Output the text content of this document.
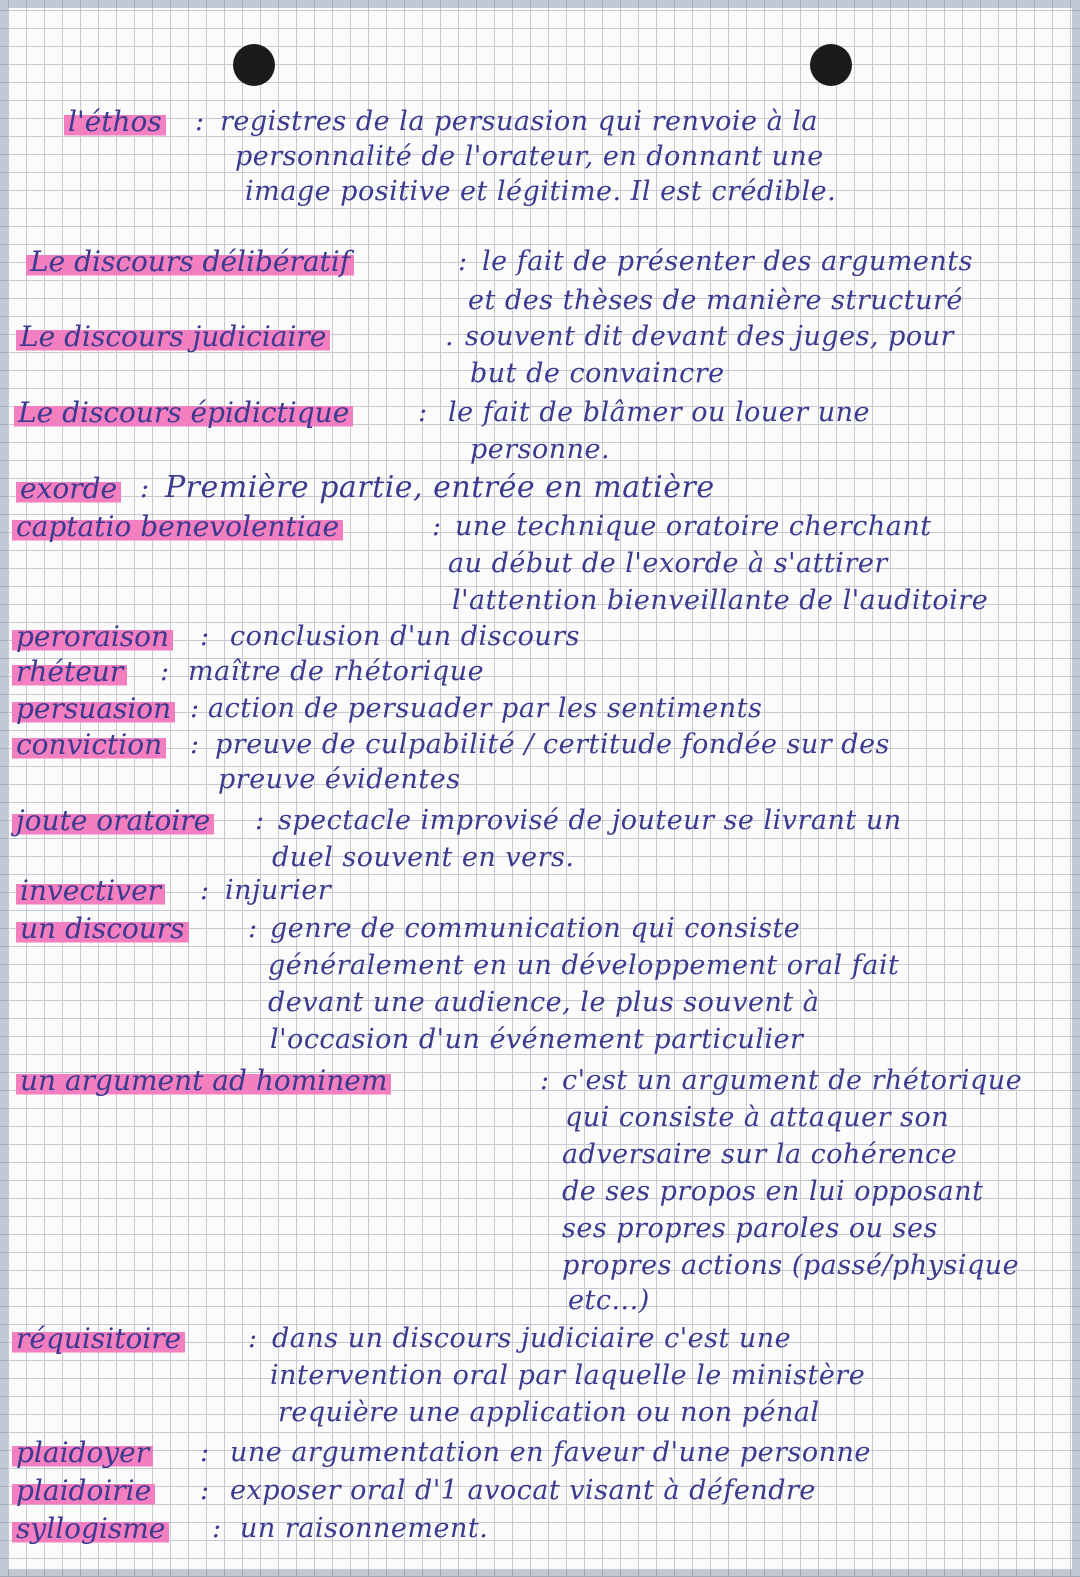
l'éthos : registres de la persuasion qui renvoie à la
personnalité de l'orateur, en donnant une
image positive et légitime. Il est crédible.
Le discours délibératif	: le fait de présenter des arguments
et des thèses de manière structuré
Le discours judiciaire	. souvent dit devant des juges, pour
but de convaincre
Le discours épidictique	: le fait de blâmer ou louer une
personne.
exorde : Première partie, entrée en matière
captatio benevolentiae	: une technique oratoire cherchant
au début de l'exorde à s'attirer
l'attention bienveillante de l'auditoire
peroraison : conclusion d'un discours
rhéteur : maître de rhétorique
persuasion : action de persuader par les sentiments
conviction : preuve de culpabilité / certitude fondée sur des
preuve évidentes
joute oratoire : spectacle improvisé de jouteur se livrant un
duel souvent en vers.
invectiver : injurier
un discours : genre de communication qui consiste
généralement en un développement oral fait
devant une audience, le plus souvent à
l'occasion d'un événement particulier
un argument ad hominem	: c'est un argument de rhétorique
qui consiste à attaquer son
adversaire sur la cohérence
de ses propos en lui opposant
ses propres paroles ou ses
propres actions (passé/physique
etc...)
réquisitoire : dans un discours judiciaire c'est une
intervention oral par laquelle le ministère
requière une application ou non pénal
plaidoyer : une argumentation en faveur d'une personne
plaidoirie : exposer oral d'1 avocat visant à défendre
syllogisme : un raisonnement.
